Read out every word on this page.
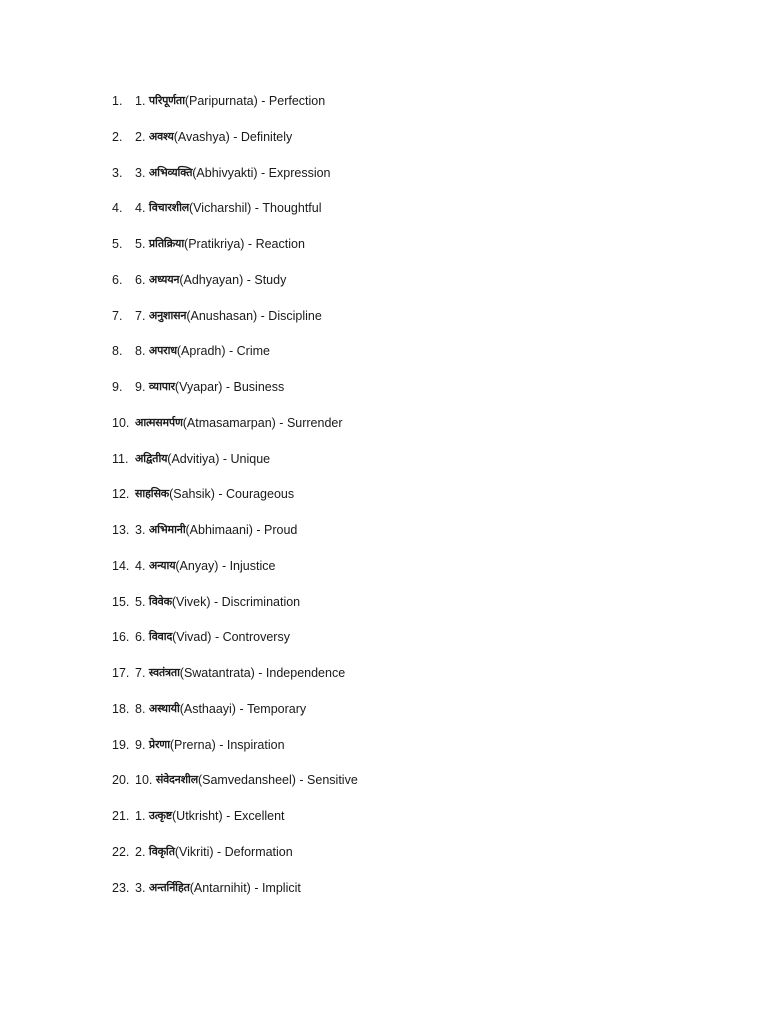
1.	1.
परिपूर्णता (Paripurnata) - Perfection
2.	2.
अवश्य (Avashya) - Definitely
3.	3.
अभिव्यक्ति (Abhivyakti) - Expression
4.	4.
विचारशील (Vicharshil) - Thoughtful
5.	5.
प्रतिक्रिया (Pratikriya) - Reaction
6.	6.
अध्ययन (Adhyayan) - Study
7.	7.
अनुशासन (Anushasan) - Discipline
8.	8.
अपराध (Apradh) - Crime
9.	9.
व्यापार (Vyapar) - Business
10. आत्मसमर्पण (Atmasamarpan) - Surrender
11. अद्वितीय (Advitiya) - Unique
12. साहसिक (Sahsik) - Courageous
13. 3.
अभिमानी (Abhimaani) - Proud
14. 4.
अन्याय (Anyay) - Injustice
15. 5.
विवेक (Vivek) - Discrimination
16. 6.
विवाद (Vivad) - Controversy
17. 7.
स्वतंत्रता (Swatantrata) - Independence
18. 8.
अस्थायी (Asthaayi) - Temporary
19. 9.
प्रेरणा (Prerna) - Inspiration
20. 10.
संवेदनशील (Samvedansheel) - Sensitive
21. 1.
उत्कृष्ट (Utkrisht) - Excellent
22. 2.
विकृति (Vikriti) - Deformation
23. 3.
अन्तर्निहित (Antarnihit) - Implicit
